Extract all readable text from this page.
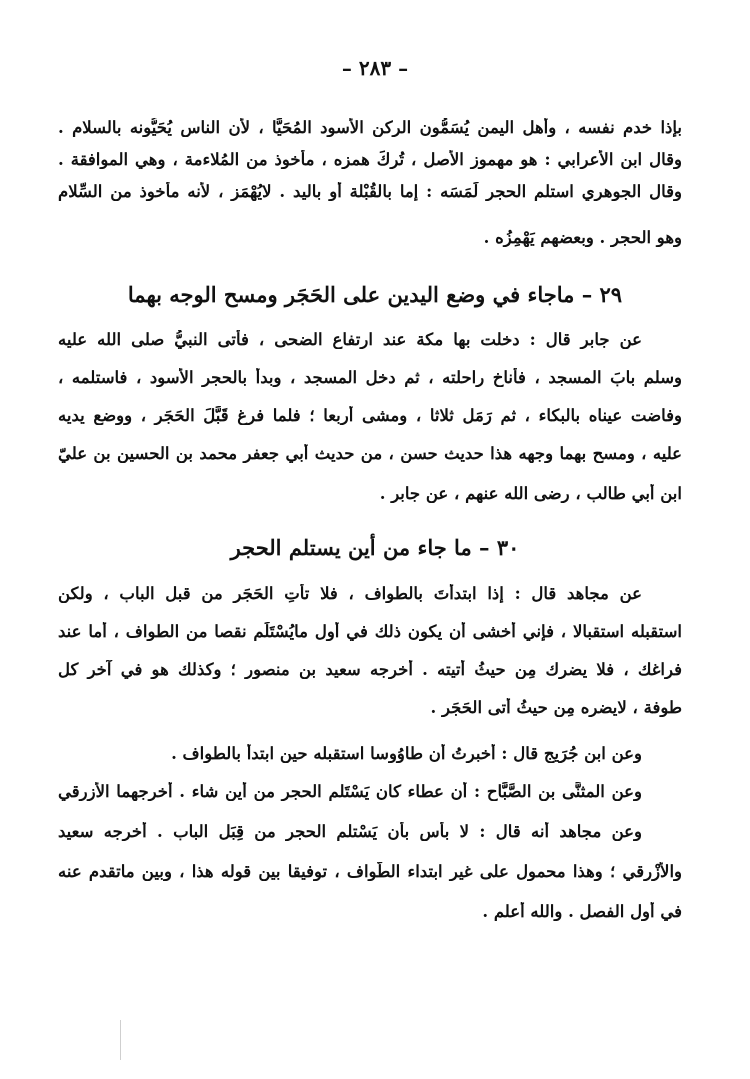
– ٢٨٣ –
بإذا خدم نفسه ، وأهل اليمن يُسَمُّون الركن الأسود المُحَيَّا ، لأن الناس يُحَيُّونه بالسلام .
وقال ابن الأعرابي : هو مهموز الأصل ، تُرِكَ همزه ، مأخوذ من المُلاءمة ، وهي الموافقة .
وقال الجوهري استلم الحجر لَمَسَه : إما بالقُبْلة أو باليد . لايُهْمَز ، لأنه مأخوذ من السِّلام
وهو الحجر . وبعضهم يَهْمِزُه .
٢٩ – ماجاء في وضع اليدين على الحَجَر ومسح الوجه بهما
عن جابر قال : دخلت بها مكة عند ارتفاع الضحى ، فأتى النبيُّ صلى الله عليه
وسلم بابَ المسجد ، فأناخ راحلته ، ثم دخل المسجد ، وبدأ بالحجر الأسود ، فاستلمه ،
وفاضت عيناه بالبكاء ، ثم رَمَل ثلاثا ، ومشى أربعا ؛ فلما فرغ قَبَّلَ الحَجَر ، ووضع يديه
عليه ، ومسح بهما وجهه هذا حديث حسن ، من حديث أبي جعفر محمد بن الحسين بن عليّ
ابن أبي طالب ، رضى الله عنهم ، عن جابر .
٣٠ – ما جاء من أين يستلم الحجر
عن مجاهد قال : إذا ابتدأتَ بالطواف ، فلا تأتِ الحَجَر من قبل الباب ، ولكن
استقبله استقبالا ، فإني أخشى أن يكون ذلك في أول مايُسْتَلَم نقصا من الطواف ، أما عند
فراغك ، فلا يضرك مِن حيثُ أتيته . أخرجه سعيد بن منصور ؛ وكذلك هو في آخر كل
طوفة ، لايضره مِن حيثُ أتى الحَجَر .
وعن ابن جُرَيج قال : أخبرتُ أن طاوُوسا استقبله حين ابتدأ بالطواف .
وعن المثنَّى بن الصَّبَّاح : أن عطاء كان يَسْتَلم الحجر من أين شاء . أخرجهما الأزرقي
وعن مجاهد أنه قال : لا بأس بأن يَسْتلم الحجر من قِبَل الباب . أخرجه سعيد
والأَزْرقي ؛ وهذا محمول على غير ابتداء الطَّواف ، توفيقا بين قوله هذا ، وبين ماتقدم عنه
في أول الفصل . والله أعلم .
